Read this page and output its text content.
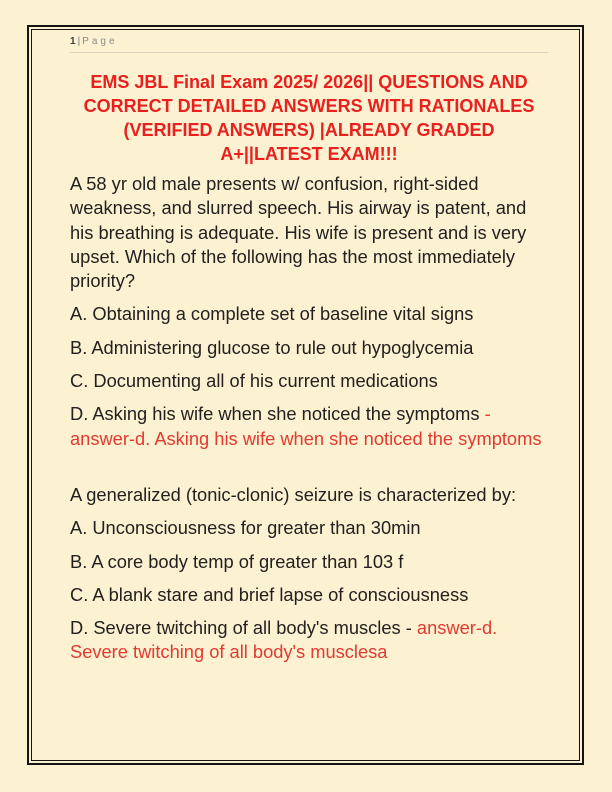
1| Page
EMS JBL Final Exam 2025/ 2026|| QUESTIONS AND
CORRECT DETAILED ANSWERS WITH RATIONALES
(VERIFIED ANSWERS) |ALREADY GRADED
A+||LATEST EXAM!!!

A 58 yr old male presents w/ confusion, right-sided weakness, and slurred speech. His airway is patent, and his breathing is adequate. His wife is present and is very upset. Which of the following has the most immediately priority?

A. Obtaining a complete set of baseline vital signs

B. Administering glucose to rule out hypoglycemia

C. Documenting all of his current medications

D. Asking his wife when she noticed the symptoms - answer-d. Asking his wife when she noticed the symptoms

A generalized (tonic-clonic) seizure is characterized by:

A. Unconsciousness for greater than 30min

B. A core body temp of greater than 103 f

C. A blank stare and brief lapse of consciousness

D. Severe twitching of all body's muscles - answer-d. Severe twitching of all body's musclesa
